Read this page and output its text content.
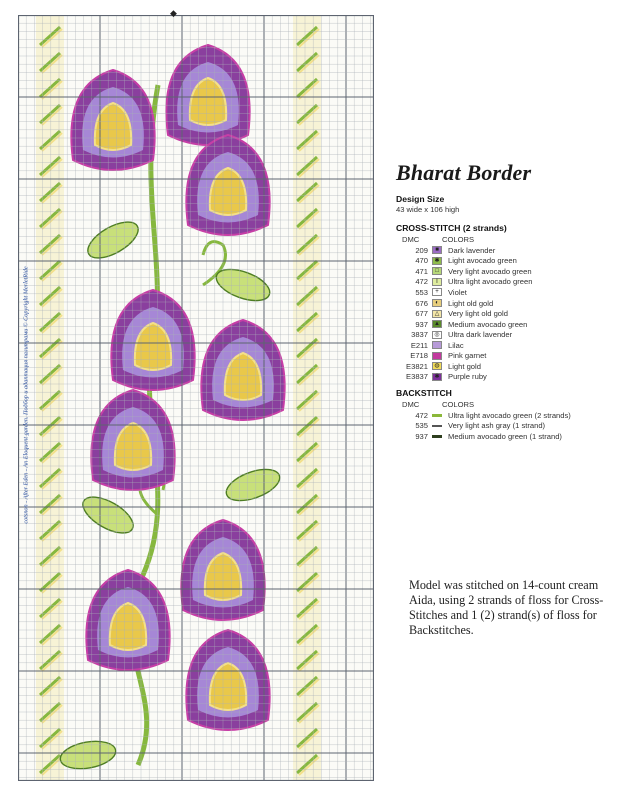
cotsnon - After Eden - An Eloquent garden. Подбор и адаптация палитрами © Copyright MerletRide
◆
Bharat Border
Design Size
43 wide x 106 high
CROSS-STITCH (2 strands)
DMC	COLORS
209	■	Dark lavender
470	✱	Light avocado green
471	□	Very light avocado green
472	I	Ultra light avocado green
553	+	Violet
676	◐	Light old gold
677	△	Very light old gold
937	▲ Medium avocado green
3837	◎	Ultra dark lavender
E211	Lilac
E718	Pink garnet
E3821	◍	Light gold
E3837	✱	Purple ruby
BACKSTITCH
DMC	COLORS
472	Ultra light avocado green (2 strands)
535	Very light ash gray (1 strand)
937	Medium avocado green (1 strand)
Model was stitched on 14-count cream Aida, using 2 strands of floss for Cross-Stitches and 1 (2) strand(s) of floss for Backstitches.
